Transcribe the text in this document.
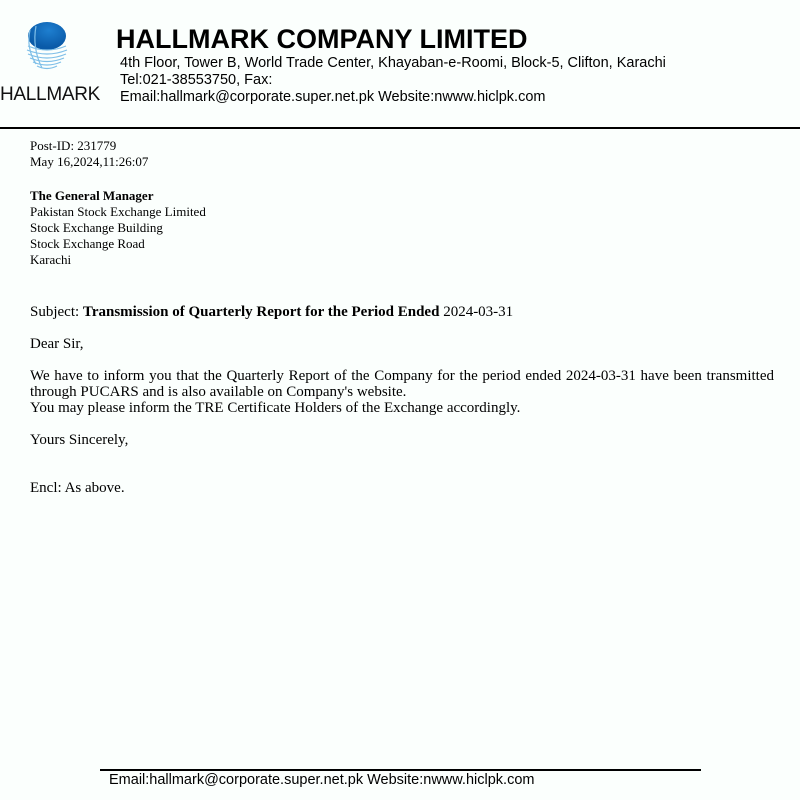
HALLMARK
HALLMARK COMPANY LIMITED
4th Floor, Tower B, World Trade Center, Khayaban-e-Roomi, Block-5, Clifton, Karachi
Tel:021-38553750, Fax:
Email:hallmark@corporate.super.net.pk Website:nwww.hiclpk.com
Post-ID: 231779
May 16,2024,11:26:07
The General Manager
Pakistan Stock Exchange Limited
Stock Exchange Building
Stock Exchange Road
Karachi
Subject: Transmission of Quarterly Report for the Period Ended 2024-03-31
Dear Sir,
We have to inform you that the Quarterly Report of the Company for the period ended 2024-03-31 have been transmitted through PUCARS and is also available on Company's website.
You may please inform the TRE Certificate Holders of the Exchange accordingly.
Yours Sincerely,
Encl: As above.
Email:hallmark@corporate.super.net.pk Website:nwww.hiclpk.com
